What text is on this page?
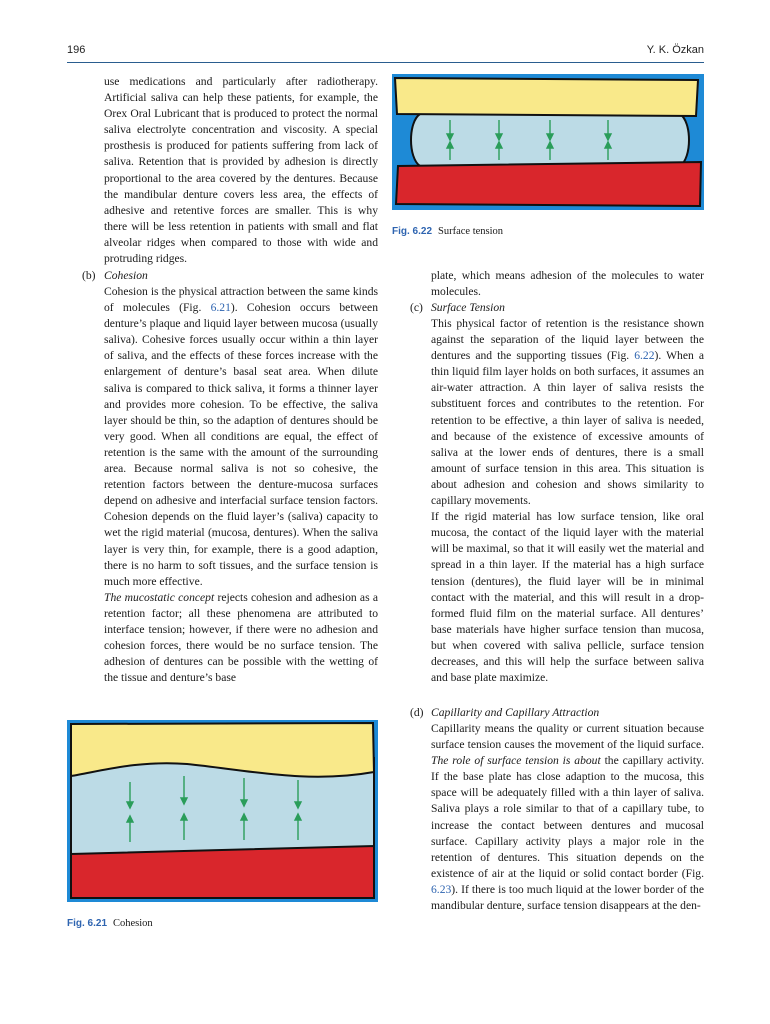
196	Y. K. Özkan

use medications and particularly after radiotherapy. Artificial saliva can help these patients, for example, the Orex Oral Lubricant that is produced to protect the normal saliva electrolyte concentration and viscosity. A special prosthesis is produced for patients suffering from lack of saliva. Retention that is provided by adhesion is directly proportional to the area covered by the dentures. Because the mandibular denture covers less area, the effects of adhesive and retentive forces are smaller. This is why there will be less retention in patients with small and flat alveolar ridges when compared to those with wide and protruding ridges.

(b) Cohesion

Cohesion is the physical attraction between the same kinds of molecules (Fig. 6.21). Cohesion occurs between denture’s plaque and liquid layer between mucosa (usually saliva). Cohesive forces usually occur within a thin layer of saliva, and the effects of these forces increase with the enlargement of denture’s basal seat area. When dilute saliva is compared to thick saliva, it forms a thinner layer and provides more cohesion. To be effective, the saliva layer should be thin, so the adaption of dentures should be very good. When all conditions are equal, the effect of retention is the same with the amount of the surrounding area. Because normal saliva is not so cohesive, the retention factors between the denture-mucosa surfaces depend on adhesive and interfacial surface tension factors. Cohesion depends on the fluid layer’s (saliva) capacity to wet the rigid material (mucosa, dentures). When the saliva layer is very thin, for example, there is a good adaption, there is no harm to soft tissues, and the surface tension is much more effective.

The mucostatic concept rejects cohesion and adhesion as a retention factor; all these phenomena are attributed to interface tension; however, if there were no adhesion and cohesion forces, there would be no surface tension. The adhesion of dentures can be possible with the wetting of the tissue and denture’s base

plate, which means adhesion of the molecules to water molecules.

(c) Surface Tension

This physical factor of retention is the resistance shown against the separation of the liquid layer between the dentures and the supporting tissues (Fig. 6.22). When a thin liquid film layer holds on both surfaces, it assumes an air-water attraction. A thin layer of saliva resists the substituent forces and contributes to the retention. For retention to be effective, a thin layer of saliva is needed, and because of the existence of excessive amounts of saliva at the lower ends of dentures, there is a small amount of surface tension in this area. This situation is about adhesion and cohesion and shows similarity to capillary movements.

If the rigid material has low surface tension, like oral mucosa, the contact of the liquid layer with the material will be maximal, so that it will easily wet the material and spread in a thin layer. If the material has a high surface tension (dentures), the fluid layer will be in minimal contact with the material, and this will result in a drop-formed fluid film on the material surface. All dentures’ base materials have higher surface tension than mucosa, but when covered with saliva pellicle, surface tension decreases, and this will help the surface between saliva and base plate maximize.

(d) Capillarity and Capillary Attraction

Capillarity means the quality or current situation because surface tension causes the movement of the liquid surface. The role of surface tension is about the capillary activity. If the base plate has close adaption to the mucosa, this space will be adequately filled with a thin layer of saliva. Saliva plays a role similar to that of a capillary tube, to increase the contact between dentures and mucosal surface. Capillary activity plays a major role in the retention of dentures. This situation depends on the existence of air at the liquid or solid contact border (Fig. 6.23). If there is too much liquid at the lower border of the mandibular denture, surface tension disappears at the den-

Fig. 6.22 Surface tension
Fig. 6.21 Cohesion
